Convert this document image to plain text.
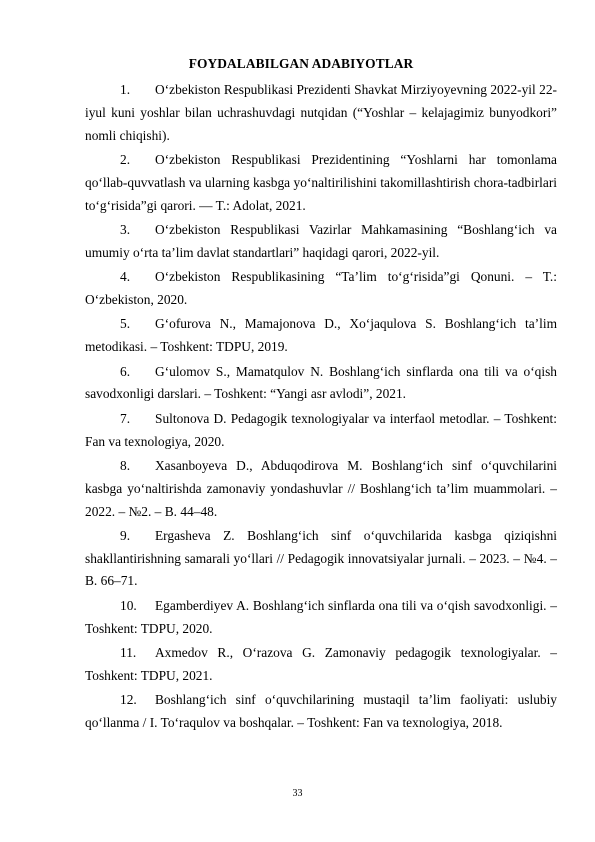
FOYDALABILGAN ADABIYOTLAR
1. O‘zbekiston Respublikasi Prezidenti Shavkat Mirziyoyevning 2022-yil 22-iyul kuni yoshlar bilan uchrashuvdagi nutqidan (“Yoshlar – kelajagimiz bunyodkori” nomli chiqishi).
2. O‘zbekiston Respublikasi Prezidentining “Yoshlarni har tomonlama qo‘llab-quvvatlash va ularning kasbga yo‘naltirilishini takomillashtirish chora-tadbirlari to‘g‘risida”gi qarori. — T.: Adolat, 2021.
3. O‘zbekiston Respublikasi Vazirlar Mahkamasining “Boshlang‘ich va umumiy o‘rta ta’lim davlat standartlari” haqidagi qarori, 2022-yil.
4. O‘zbekiston Respublikasining “Ta’lim to‘g‘risida”gi Qonuni. – T.: O‘zbekiston, 2020.
5. G‘ofurova N., Mamajonova D., Xo‘jaqulova S. Boshlang‘ich ta’lim metodikasi. – Toshkent: TDPU, 2019.
6. G‘ulomov S., Mamatqulov N. Boshlang‘ich sinflarda ona tili va o‘qish savodxonligi darslari. – Toshkent: “Yangi asr avlodi”, 2021.
7. Sultonova D. Pedagogik texnologiyalar va interfaol metodlar. – Toshkent: Fan va texnologiya, 2020.
8. Xasanboyeva D., Abduqodirova M. Boshlang‘ich sinf o‘quvchilarini kasbga yo‘naltirishda zamonaviy yondashuvlar // Boshlang‘ich ta’lim muammolari. – 2022. – №2. – B. 44–48.
9. Ergasheva Z. Boshlang‘ich sinf o‘quvchilarida kasbga qiziqishni shakllantirishning samarali yo‘llari // Pedagogik innovatsiyalar jurnali. – 2023. – №4. – B. 66–71.
10. Egamberdiyev A. Boshlang‘ich sinflarda ona tili va o‘qish savodxonligi. – Toshkent: TDPU, 2020.
11. Axmedov R., O‘razova G. Zamonaviy pedagogik texnologiyalar. – Toshkent: TDPU, 2021.
12. Boshlang‘ich sinf o‘quvchilarining mustaqil ta’lim faoliyati: uslubiy qo‘llanma / I. To‘raqulov va boshqalar. – Toshkent: Fan va texnologiya, 2018.
33
